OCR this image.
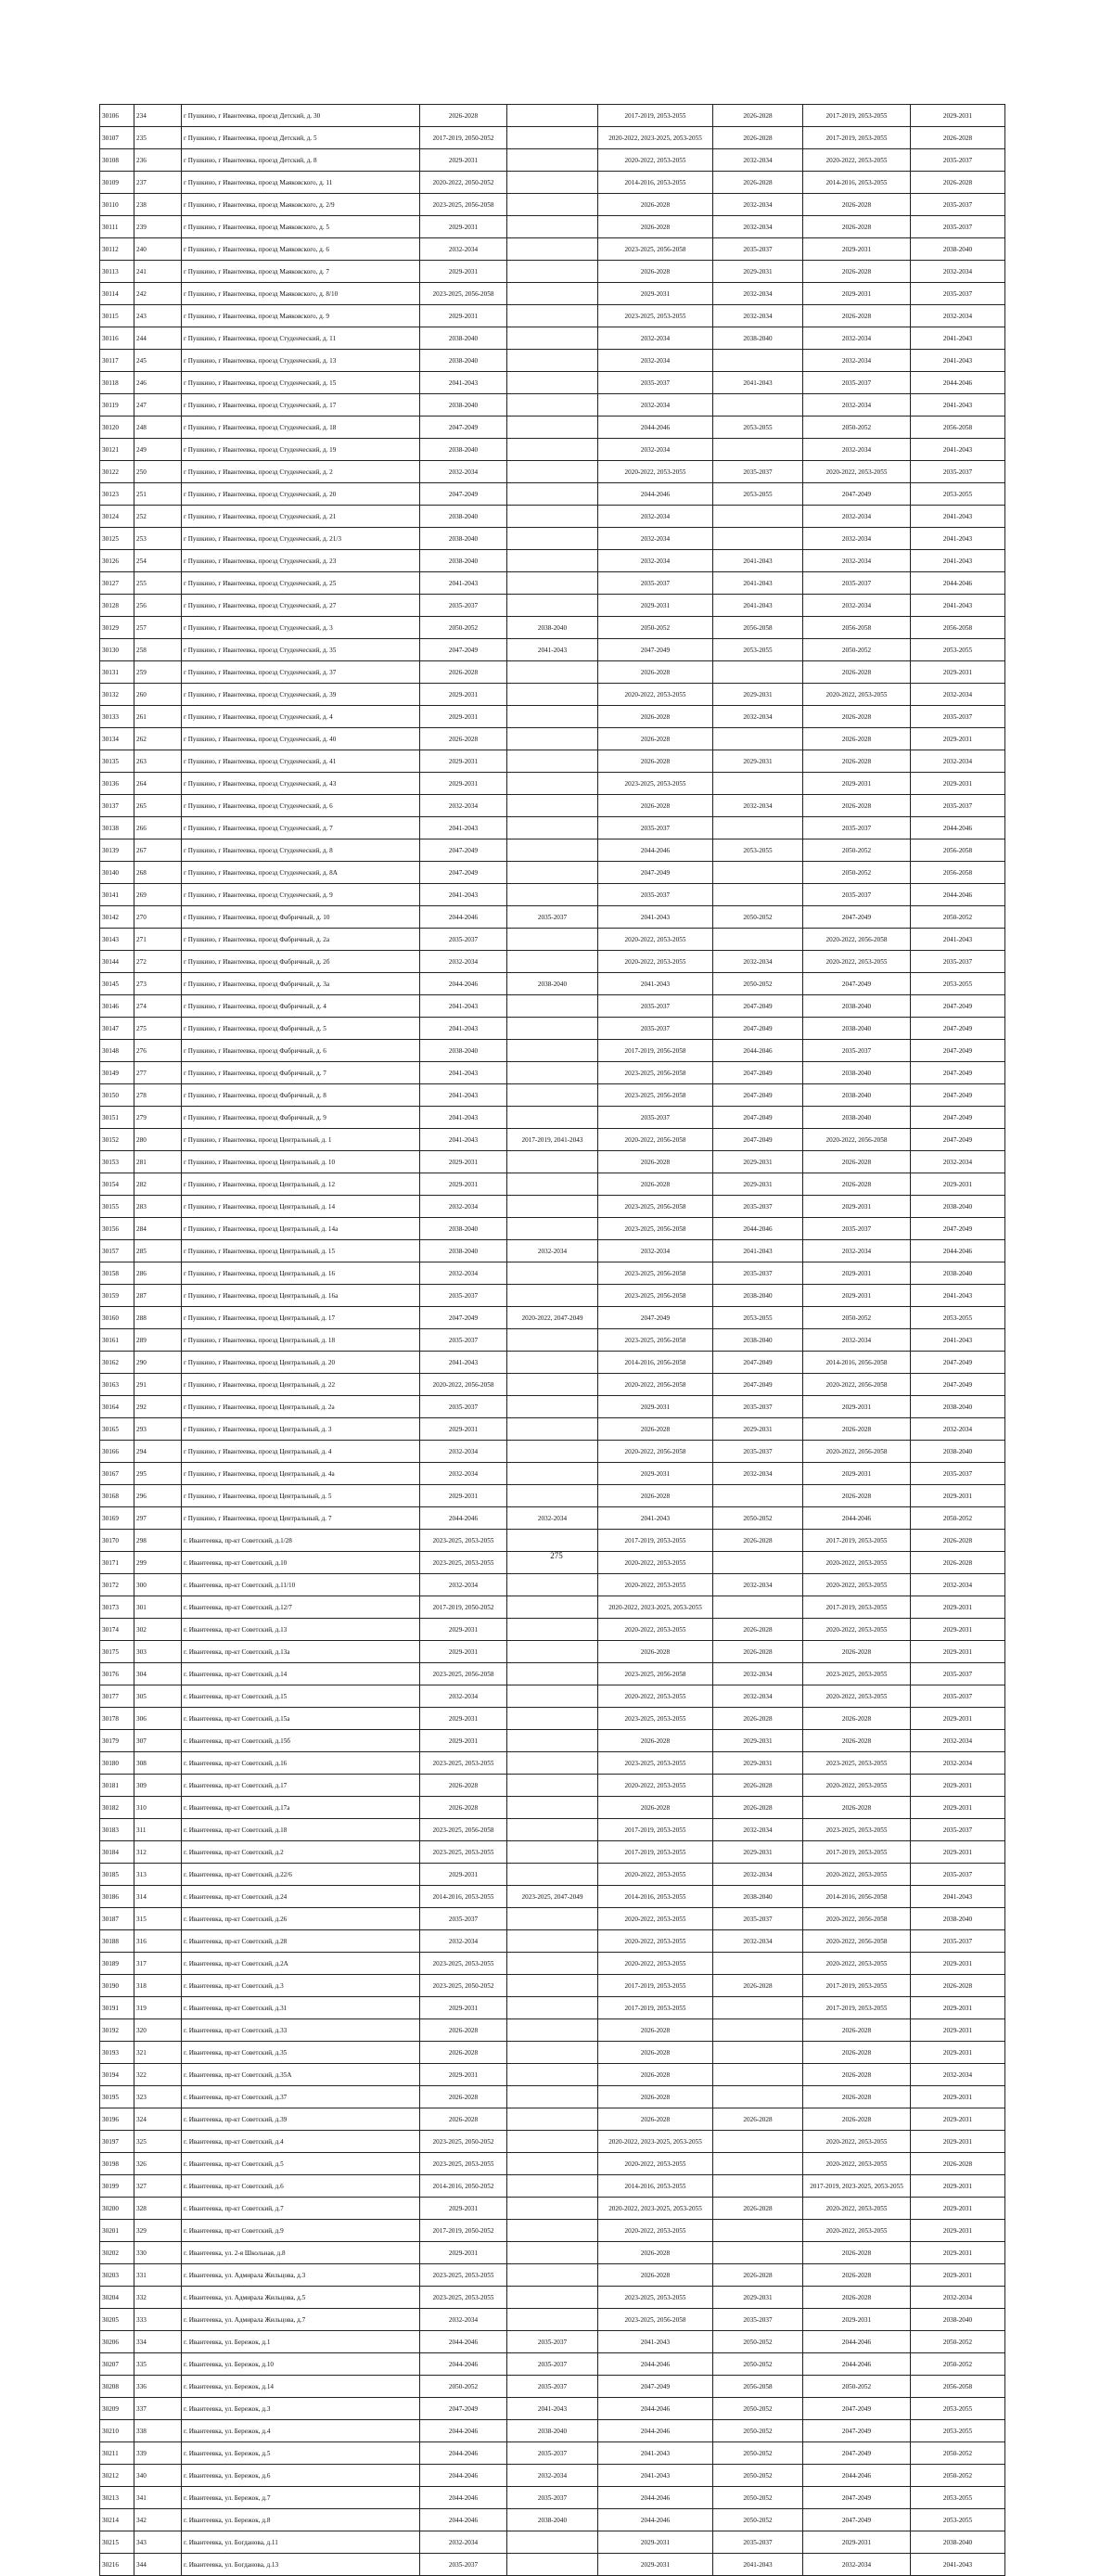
30106	234	г Пушкино, г Ивантеевка, проезд Детский, д. 30	2026-2028		2017-2019, 2053-2055	2026-2028	2017-2019, 2053-2055	2029-2031
30107	235	г Пушкино, г Ивантеевка, проезд Детский, д. 5	2017-2019, 2050-2052		2020-2022, 2023-2025, 2053-2055	2026-2028	2017-2019, 2053-2055	2026-2028
30108	236	г Пушкино, г Ивантеевка, проезд Детский, д. 8	2029-2031		2020-2022, 2053-2055	2032-2034	2020-2022, 2053-2055	2035-2037
30109	237	г Пушкино, г Ивантеевка, проезд Маяковского, д. 11	2020-2022, 2050-2052		2014-2016, 2053-2055	2026-2028	2014-2016, 2053-2055	2026-2028
30110	238	г Пушкино, г Ивантеевка, проезд Маяковского, д. 2/9	2023-2025, 2056-2058		2026-2028	2032-2034	2026-2028	2035-2037
30111	239	г Пушкино, г Ивантеевка, проезд Маяковского, д. 5	2029-2031		2026-2028	2032-2034	2026-2028	2035-2037
30112	240	г Пушкино, г Ивантеевка, проезд Маяковского, д. 6	2032-2034		2023-2025, 2056-2058	2035-2037	2029-2031	2038-2040
30113	241	г Пушкино, г Ивантеевка, проезд Маяковского, д. 7	2029-2031		2026-2028	2029-2031	2026-2028	2032-2034
30114	242	г Пушкино, г Ивантеевка, проезд Маяковского, д. 8/10	2023-2025, 2056-2058		2029-2031	2032-2034	2029-2031	2035-2037
30115	243	г Пушкино, г Ивантеевка, проезд Маяковского, д. 9	2029-2031		2023-2025, 2053-2055	2032-2034	2026-2028	2032-2034
30116	244	г Пушкино, г Ивантеевка, проезд Студенческий, д. 11	2038-2040		2032-2034	2038-2040	2032-2034	2041-2043
30117	245	г Пушкино, г Ивантеевка, проезд Студенческий, д. 13	2038-2040		2032-2034		2032-2034	2041-2043
30118	246	г Пушкино, г Ивантеевка, проезд Студенческий, д. 15	2041-2043		2035-2037	2041-2043	2035-2037	2044-2046
30119	247	г Пушкино, г Ивантеевка, проезд Студенческий, д. 17	2038-2040		2032-2034		2032-2034	2041-2043
30120	248	г Пушкино, г Ивантеевка, проезд Студенческий, д. 18	2047-2049		2044-2046	2053-2055	2050-2052	2056-2058
30121	249	г Пушкино, г Ивантеевка, проезд Студенческий, д. 19	2038-2040		2032-2034		2032-2034	2041-2043
30122	250	г Пушкино, г Ивантеевка, проезд Студенческий, д. 2	2032-2034		2020-2022, 2053-2055	2035-2037	2020-2022, 2053-2055	2035-2037
30123	251	г Пушкино, г Ивантеевка, проезд Студенческий, д. 20	2047-2049		2044-2046	2053-2055	2047-2049	2053-2055
30124	252	г Пушкино, г Ивантеевка, проезд Студенческий, д. 21	2038-2040		2032-2034		2032-2034	2041-2043
30125	253	г Пушкино, г Ивантеевка, проезд Студенческий, д. 21/3	2038-2040		2032-2034		2032-2034	2041-2043
30126	254	г Пушкино, г Ивантеевка, проезд Студенческий, д. 23	2038-2040		2032-2034	2041-2043	2032-2034	2041-2043
30127	255	г Пушкино, г Ивантеевка, проезд Студенческий, д. 25	2041-2043		2035-2037	2041-2043	2035-2037	2044-2046
30128	256	г Пушкино, г Ивантеевка, проезд Студенческий, д. 27	2035-2037		2029-2031	2041-2043	2032-2034	2041-2043
30129	257	г Пушкино, г Ивантеевка, проезд Студенческий, д. 3	2050-2052	2038-2040	2050-2052	2056-2058	2056-2058	2056-2058
30130	258	г Пушкино, г Ивантеевка, проезд Студенческий, д. 35	2047-2049	2041-2043	2047-2049	2053-2055	2050-2052	2053-2055
30131	259	г Пушкино, г Ивантеевка, проезд Студенческий, д. 37	2026-2028		2026-2028		2026-2028	2029-2031
30132	260	г Пушкино, г Ивантеевка, проезд Студенческий, д. 39	2029-2031		2020-2022, 2053-2055	2029-2031	2020-2022, 2053-2055	2032-2034
30133	261	г Пушкино, г Ивантеевка, проезд Студенческий, д. 4	2029-2031		2026-2028	2032-2034	2026-2028	2035-2037
30134	262	г Пушкино, г Ивантеевка, проезд Студенческий, д. 40	2026-2028		2026-2028		2026-2028	2029-2031
30135	263	г Пушкино, г Ивантеевка, проезд Студенческий, д. 41	2029-2031		2026-2028	2029-2031	2026-2028	2032-2034
30136	264	г Пушкино, г Ивантеевка, проезд Студенческий, д. 43	2029-2031		2023-2025, 2053-2055		2029-2031	2029-2031
30137	265	г Пушкино, г Ивантеевка, проезд Студенческий, д. 6	2032-2034		2026-2028	2032-2034	2026-2028	2035-2037
30138	266	г Пушкино, г Ивантеевка, проезд Студенческий, д. 7	2041-2043		2035-2037		2035-2037	2044-2046
30139	267	г Пушкино, г Ивантеевка, проезд Студенческий, д. 8	2047-2049		2044-2046	2053-2055	2050-2052	2056-2058
30140	268	г Пушкино, г Ивантеевка, проезд Студенческий, д. 8А	2047-2049		2047-2049		2050-2052	2056-2058
30141	269	г Пушкино, г Ивантеевка, проезд Студенческий, д. 9	2041-2043		2035-2037		2035-2037	2044-2046
30142	270	г Пушкино, г Ивантеевка, проезд Фабричный, д. 10	2044-2046	2035-2037	2041-2043	2050-2052	2047-2049	2050-2052
30143	271	г Пушкино, г Ивантеевка, проезд Фабричный, д. 2а	2035-2037		2020-2022, 2053-2055		2020-2022, 2056-2058	2041-2043
30144	272	г Пушкино, г Ивантеевка, проезд Фабричный, д. 2б	2032-2034		2020-2022, 2053-2055	2032-2034	2020-2022, 2053-2055	2035-2037
30145	273	г Пушкино, г Ивантеевка, проезд Фабричный, д. 3а	2044-2046	2038-2040	2041-2043	2050-2052	2047-2049	2053-2055
30146	274	г Пушкино, г Ивантеевка, проезд Фабричный, д. 4	2041-2043		2035-2037	2047-2049	2038-2040	2047-2049
30147	275	г Пушкино, г Ивантеевка, проезд Фабричный, д. 5	2041-2043		2035-2037	2047-2049	2038-2040	2047-2049
30148	276	г Пушкино, г Ивантеевка, проезд Фабричный, д. 6	2038-2040		2017-2019, 2056-2058	2044-2046	2035-2037	2047-2049
30149	277	г Пушкино, г Ивантеевка, проезд Фабричный, д. 7	2041-2043		2023-2025, 2056-2058	2047-2049	2038-2040	2047-2049
30150	278	г Пушкино, г Ивантеевка, проезд Фабричный, д. 8	2041-2043		2023-2025, 2056-2058	2047-2049	2038-2040	2047-2049
30151	279	г Пушкино, г Ивантеевка, проезд Фабричный, д. 9	2041-2043		2035-2037	2047-2049	2038-2040	2047-2049
30152	280	г Пушкино, г Ивантеевка, проезд Центральный, д. 1	2041-2043	2017-2019, 2041-2043	2020-2022, 2056-2058	2047-2049	2020-2022, 2056-2058	2047-2049
30153	281	г Пушкино, г Ивантеевка, проезд Центральный, д. 10	2029-2031		2026-2028	2029-2031	2026-2028	2032-2034
30154	282	г Пушкино, г Ивантеевка, проезд Центральный, д. 12	2029-2031		2026-2028	2029-2031	2026-2028	2029-2031
30155	283	г Пушкино, г Ивантеевка, проезд Центральный, д. 14	2032-2034		2023-2025, 2056-2058	2035-2037	2029-2031	2038-2040
30156	284	г Пушкино, г Ивантеевка, проезд Центральный, д. 14а	2038-2040		2023-2025, 2056-2058	2044-2046	2035-2037	2047-2049
30157	285	г Пушкино, г Ивантеевка, проезд Центральный, д. 15	2038-2040	2032-2034	2032-2034	2041-2043	2032-2034	2044-2046
30158	286	г Пушкино, г Ивантеевка, проезд Центральный, д. 16	2032-2034		2023-2025, 2056-2058	2035-2037	2029-2031	2038-2040
30159	287	г Пушкино, г Ивантеевка, проезд Центральный, д. 16а	2035-2037		2023-2025, 2056-2058	2038-2040	2029-2031	2041-2043
30160	288	г Пушкино, г Ивантеевка, проезд Центральный, д. 17	2047-2049	2020-2022, 2047-2049	2047-2049	2053-2055	2050-2052	2053-2055
30161	289	г Пушкино, г Ивантеевка, проезд Центральный, д. 18	2035-2037		2023-2025, 2056-2058	2038-2040	2032-2034	2041-2043
30162	290	г Пушкино, г Ивантеевка, проезд Центральный, д. 20	2041-2043		2014-2016, 2056-2058	2047-2049	2014-2016, 2056-2058	2047-2049
30163	291	г Пушкино, г Ивантеевка, проезд Центральный, д. 22	2020-2022, 2056-2058		2020-2022, 2056-2058	2047-2049	2020-2022, 2056-2058	2047-2049
30164	292	г Пушкино, г Ивантеевка, проезд Центральный, д. 2а	2035-2037		2029-2031	2035-2037	2029-2031	2038-2040
30165	293	г Пушкино, г Ивантеевка, проезд Центральный, д. 3	2029-2031		2026-2028	2029-2031	2026-2028	2032-2034
30166	294	г Пушкино, г Ивантеевка, проезд Центральный, д. 4	2032-2034		2020-2022, 2056-2058	2035-2037	2020-2022, 2056-2058	2038-2040
30167	295	г Пушкино, г Ивантеевка, проезд Центральный, д. 4а	2032-2034		2029-2031	2032-2034	2029-2031	2035-2037
30168	296	г Пушкино, г Ивантеевка, проезд Центральный, д. 5	2029-2031		2026-2028		2026-2028	2029-2031
30169	297	г Пушкино, г Ивантеевка, проезд Центральный, д. 7	2044-2046	2032-2034	2041-2043	2050-2052	2044-2046	2050-2052
30170	298	г. Ивантеевка, пр-кт Советский, д.1/28	2023-2025, 2053-2055		2017-2019, 2053-2055	2026-2028	2017-2019, 2053-2055	2026-2028
30171	299	г. Ивантеевка, пр-кт Советский, д.10	2023-2025, 2053-2055		2020-2022, 2053-2055		2020-2022, 2053-2055	2026-2028
30172	300	г. Ивантеевка, пр-кт Советский, д.11/10	2032-2034		2020-2022, 2053-2055	2032-2034	2020-2022, 2053-2055	2032-2034
30173	301	г. Ивантеевка, пр-кт Советский, д.12/7	2017-2019, 2050-2052		2020-2022, 2023-2025, 2053-2055		2017-2019, 2053-2055	2029-2031
30174	302	г. Ивантеевка, пр-кт Советский, д.13	2029-2031		2020-2022, 2053-2055	2026-2028	2020-2022, 2053-2055	2029-2031
30175	303	г. Ивантеевка, пр-кт Советский, д.13а	2029-2031		2026-2028	2026-2028	2026-2028	2029-2031
30176	304	г. Ивантеевка, пр-кт Советский, д.14	2023-2025, 2056-2058		2023-2025, 2056-2058	2032-2034	2023-2025, 2053-2055	2035-2037
30177	305	г. Ивантеевка, пр-кт Советский, д.15	2032-2034		2020-2022, 2053-2055	2032-2034	2020-2022, 2053-2055	2035-2037
30178	306	г. Ивантеевка, пр-кт Советский, д.15а	2029-2031		2023-2025, 2053-2055	2026-2028	2026-2028	2029-2031
30179	307	г. Ивантеевка, пр-кт Советский, д.15б	2029-2031		2026-2028	2029-2031	2026-2028	2032-2034
30180	308	г. Ивантеевка, пр-кт Советский, д.16	2023-2025, 2053-2055		2023-2025, 2053-2055	2029-2031	2023-2025, 2053-2055	2032-2034
30181	309	г. Ивантеевка, пр-кт Советский, д.17	2026-2028		2020-2022, 2053-2055	2026-2028	2020-2022, 2053-2055	2029-2031
30182	310	г. Ивантеевка, пр-кт Советский, д.17а	2026-2028		2026-2028	2026-2028	2026-2028	2029-2031
30183	311	г. Ивантеевка, пр-кт Советский, д.18	2023-2025, 2056-2058		2017-2019, 2053-2055	2032-2034	2023-2025, 2053-2055	2035-2037
30184	312	г. Ивантеевка, пр-кт Советский, д.2	2023-2025, 2053-2055		2017-2019, 2053-2055	2029-2031	2017-2019, 2053-2055	2029-2031
30185	313	г. Ивантеевка, пр-кт Советский, д.22/6	2029-2031		2020-2022, 2053-2055	2032-2034	2020-2022, 2053-2055	2035-2037
30186	314	г. Ивантеевка, пр-кт Советский, д.24	2014-2016, 2053-2055	2023-2025, 2047-2049	2014-2016, 2053-2055	2038-2040	2014-2016, 2056-2058	2041-2043
30187	315	г. Ивантеевка, пр-кт Советский, д.26	2035-2037		2020-2022, 2053-2055	2035-2037	2020-2022, 2056-2058	2038-2040
30188	316	г. Ивантеевка, пр-кт Советский, д.28	2032-2034		2020-2022, 2053-2055	2032-2034	2020-2022, 2056-2058	2035-2037
30189	317	г. Ивантеевка, пр-кт Советский, д.2А	2023-2025, 2053-2055		2020-2022, 2053-2055		2020-2022, 2053-2055	2029-2031
30190	318	г. Ивантеевка, пр-кт Советский, д.3	2023-2025, 2050-2052		2017-2019, 2053-2055	2026-2028	2017-2019, 2053-2055	2026-2028
30191	319	г. Ивантеевка, пр-кт Советский, д.31	2029-2031		2017-2019, 2053-2055		2017-2019, 2053-2055	2029-2031
30192	320	г. Ивантеевка, пр-кт Советский, д.33	2026-2028		2026-2028		2026-2028	2029-2031
30193	321	г. Ивантеевка, пр-кт Советский, д.35	2026-2028		2026-2028		2026-2028	2029-2031
30194	322	г. Ивантеевка, пр-кт Советский, д.35А	2029-2031		2026-2028		2026-2028	2032-2034
30195	323	г. Ивантеевка, пр-кт Советский, д.37	2026-2028		2026-2028		2026-2028	2029-2031
30196	324	г. Ивантеевка, пр-кт Советский, д.39	2026-2028		2026-2028	2026-2028	2026-2028	2029-2031
30197	325	г. Ивантеевка, пр-кт Советский, д.4	2023-2025, 2050-2052		2020-2022, 2023-2025, 2053-2055		2020-2022, 2053-2055	2029-2031
30198	326	г. Ивантеевка, пр-кт Советский, д.5	2023-2025, 2053-2055		2020-2022, 2053-2055		2020-2022, 2053-2055	2026-2028
30199	327	г. Ивантеевка, пр-кт Советский, д.6	2014-2016, 2050-2052		2014-2016, 2053-2055		2017-2019, 2023-2025, 2053-2055	2029-2031
30200	328	г. Ивантеевка, пр-кт Советский, д.7	2029-2031		2020-2022, 2023-2025, 2053-2055	2026-2028	2020-2022, 2053-2055	2029-2031
30201	329	г. Ивантеевка, пр-кт Советский, д.9	2017-2019, 2050-2052		2020-2022, 2053-2055		2020-2022, 2053-2055	2029-2031
30202	330	г. Ивантеевка, ул. 2-я Школьная, д.8	2029-2031		2026-2028		2026-2028	2029-2031
30203	331	г. Ивантеевка, ул. Адмирала Жильцова, д.3	2023-2025, 2053-2055		2026-2028	2026-2028	2026-2028	2029-2031
30204	332	г. Ивантеевка, ул. Адмирала Жильцова, д.5	2023-2025, 2053-2055		2023-2025, 2053-2055	2029-2031	2026-2028	2032-2034
30205	333	г. Ивантеевка, ул. Адмирала Жильцова, д.7	2032-2034		2023-2025, 2056-2058	2035-2037	2029-2031	2038-2040
30206	334	г. Ивантеевка, ул. Бережок, д.1	2044-2046	2035-2037	2041-2043	2050-2052	2044-2046	2050-2052
30207	335	г. Ивантеевка, ул. Бережок, д.10	2044-2046	2035-2037	2044-2046	2050-2052	2044-2046	2050-2052
30208	336	г. Ивантеевка, ул. Бережок, д.14	2050-2052	2035-2037	2047-2049	2056-2058	2050-2052	2056-2058
30209	337	г. Ивантеевка, ул. Бережок, д.3	2047-2049	2041-2043	2044-2046	2050-2052	2047-2049	2053-2055
30210	338	г. Ивантеевка, ул. Бережок, д.4	2044-2046	2038-2040	2044-2046	2050-2052	2047-2049	2053-2055
30211	339	г. Ивантеевка, ул. Бережок, д.5	2044-2046	2035-2037	2041-2043	2050-2052	2047-2049	2050-2052
30212	340	г. Ивантеевка, ул. Бережок, д.6	2044-2046	2032-2034	2041-2043	2050-2052	2044-2046	2050-2052
30213	341	г. Ивантеевка, ул. Бережок, д.7	2044-2046	2035-2037	2044-2046	2050-2052	2047-2049	2053-2055
30214	342	г. Ивантеевка, ул. Бережок, д.8	2044-2046	2038-2040	2044-2046	2050-2052	2047-2049	2053-2055
30215	343	г. Ивантеевка, ул. Богданова, д.11	2032-2034		2029-2031	2035-2037	2029-2031	2038-2040
30216	344	г. Ивантеевка, ул. Богданова, д.13	2035-2037		2029-2031	2041-2043	2032-2034	2041-2043
275
